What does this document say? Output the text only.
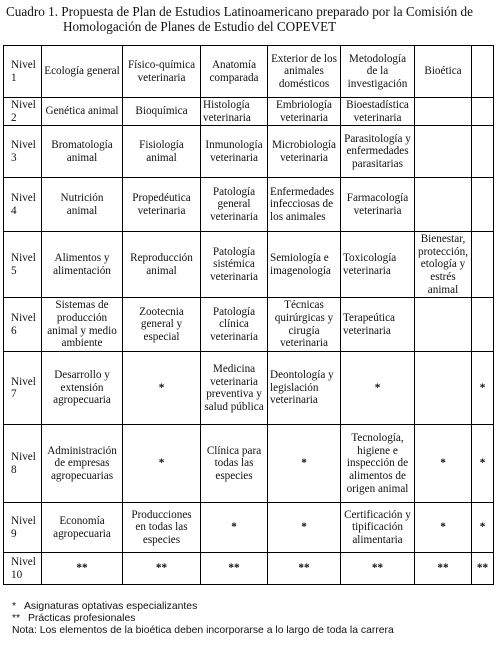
Cuadro 1. Propuesta de Plan de Estudios Latinoamericano preparado por la Comisión de
Homologación de Planes de Estudio del COPEVET
Nivel
1	Ecología general	Físico-química veterinaria	Anatomía comparada	Exterior de los animales domésticos	Metodología de la investigación	Bioética	

Nivel
2	Genética animal	Bioquímica	Histología veterinaria	Embriología veterinaria	Bioestadística veterinaria		

Nivel
3	Bromatología animal	Fisiología animal	Inmunología veterinaria	Microbiología veterinaria	Parasitología y enfermedades parasitarias		

Nivel
4	Nutrición animal	Propedéutica veterinaria	Patología general veterinaria	Enfermedades infecciosas de los animales	Farmacología veterinaria		

Nivel
5	Alimentos y alimentación	Reproducción animal	Patología sistémica veterinaria	Semiología e imagenología	Toxicología veterinaria	Bienestar, protección, etología y estrés animal	

Nivel
6	Sistemas de producción animal y medio ambiente	Zootecnia general y especial	Patología clínica veterinaria	Técnicas quirúrgicas y cirugía veterinaria	Terapeútica veterinaria		

Nivel
7	Desarrollo y extensión agropecuaria	*	Medicina veterinaria preventiva y salud pública	Deontología y legislación veterinaria	*		*

Nivel
8	Administración de empresas agropecuarias	*	Clínica para todas las especies	*	Tecnología, higiene e inspección de alimentos de origen animal	*	*

Nivel
9	Economía agropecuaria	Producciones en todas las especies	*	*	Certificación y tipificación alimentaria	*	*

Nivel
10	**	**	**	**	**	**	**
* Asignaturas optativas especializantes
** Prácticas profesionales
Nota: Los elementos de la bioética deben incorporarse a lo largo de toda la carrera
